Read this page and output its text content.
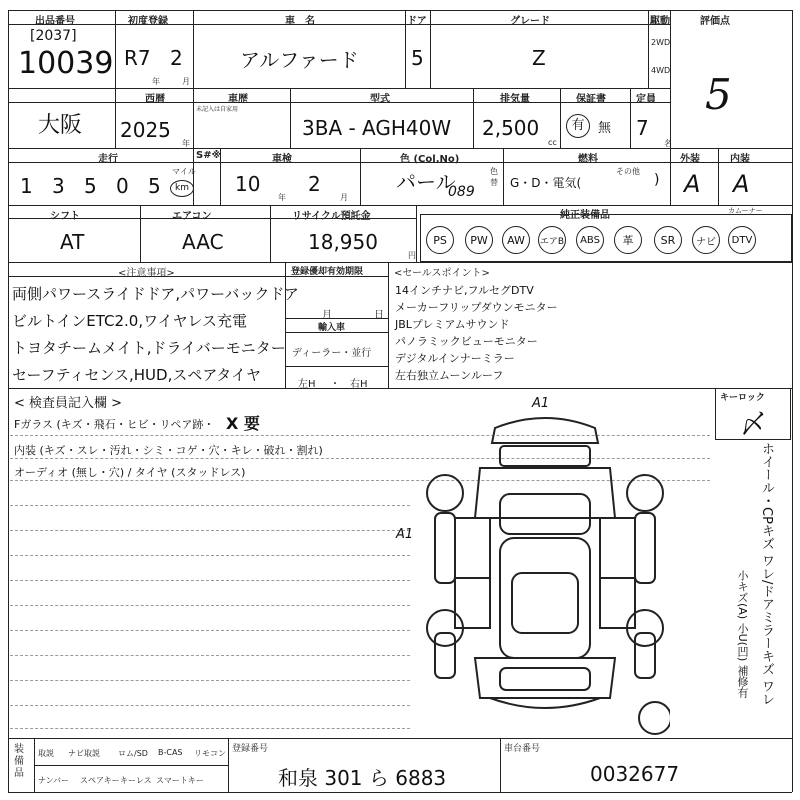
出品番号
[2037]
10039
初度登録
R7 2
年	月
車　名
アルファード
ドア
5
グレード
Z
駆動
2WD
4WD
評価点
5
大阪
西暦
2025
年
車歴
未記入は自家用
型式
3BA - AGH40W
排気量
2,500
cc
保証書
有	無
定員
7
名
走行	S#※
1 3 5 0 5
マイル
km
車検
10
年
2
月
色 (Col.No)
パール
089
色替
燃料
G・D・電気(
その他
)
外装
A
内装
A
シフト
AT
エアコン
AAC
リサイクル預託金
18,950
円
純正装備品	カムーナー
PS	PW	AW	エアB	ABS	革	SR	ナビ	DTV
<注意事項>
両側パワースライドドア,パワーバックドア
ビルトインETC2.0,ワイヤレス充電
トヨタチームメイト,ドライバーモニター
セーフティセンス,HUD,スペアタイヤ
登録優却有効期限
月	日
輸入車
ディーラー・並行
左H ・ 右H
<セールスポイント>
14インチナビ,フルセグDTV
メーカーフリップダウンモニター
JBLプレミアムサウンド
パノラミックビューモニター
デジタルインナーミラー
左右独立ムーンルーフ
< 検査員記入欄 >
Fガラス (キズ・飛石・ヒビ・リペア跡・ X 要
内装 (キズ・スレ・汚れ・シミ・コゲ・穴・キレ・破れ・割れ)
オーディオ (無し・穴) / タイヤ (スタッドレス)
A1
A1
キーロック
〆
ホイール・CPキズ ワレ/ドアミラーキズ ワレ
小キズ(A) 小U(凹) 補修有
装備品
取説 ナビ取説 ロム/SD B-CAS リモコン
ナンバー スペアキー キーレス スマートキー
登録番号
和泉 301 ら 6883
車台番号
0032677
